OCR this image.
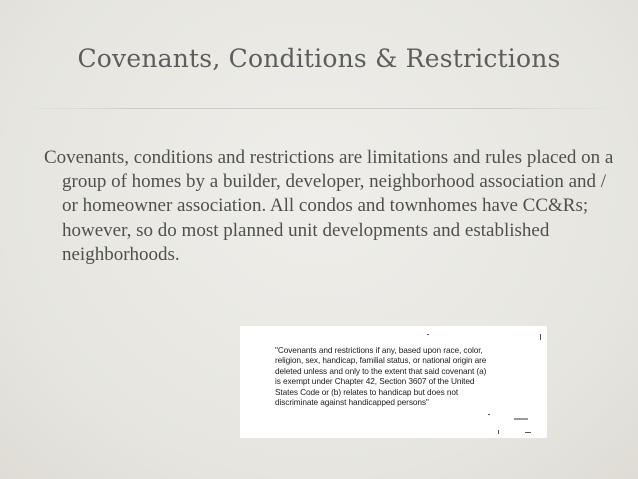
Covenants, Conditions & Restrictions
Covenants, conditions and restrictions are limitations and rules placed on a group of homes by a builder, developer, neighborhood association and / or homeowner association. All condos and townhomes have CC&Rs; however, so do most planned unit developments and established neighborhoods.
"Covenants and restrictions if any, based upon race, color,
religion, sex, handicap, familial status, or national origin are
deleted unless and only to the extent that said covenant (a)
is exempt under Chapter 42, Section 3607 of the United
States Code or (b) relates to handicap but does not
discriminate against handicapped persons"
